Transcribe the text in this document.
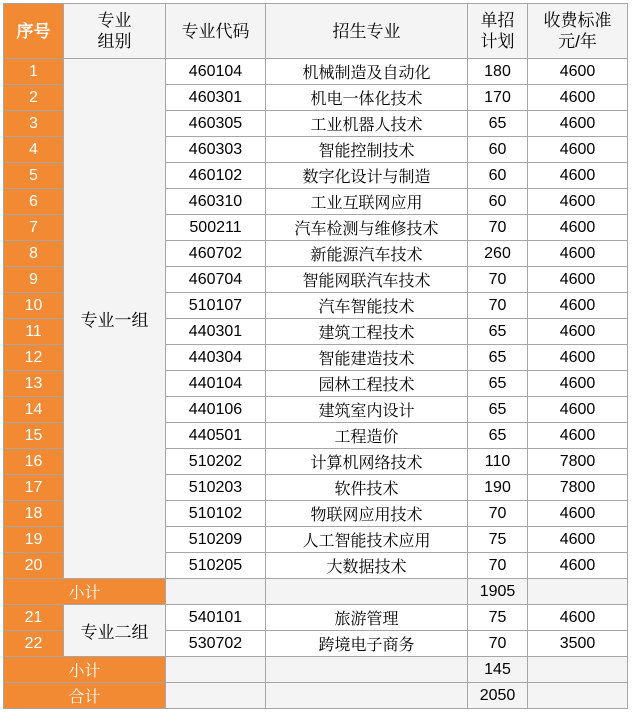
序号	专业组别	专业代码	招生专业	单招计划	收费标准元/年

1	专业一组	460104	机械制造及自动化	180	4600
2		460301	机电一体化技术	170	4600
3		460305	工业机器人技术	65	4600
4		460303	智能控制技术	60	4600
5		460102	数字化设计与制造	60	4600
6		460310	工业互联网应用	60	4600
7		500211	汽车检测与维修技术	70	4600
8		460702	新能源汽车技术	260	4600
9		460704	智能网联汽车技术	70	4600
10		510107	汽车智能技术	70	4600
11		440301	建筑工程技术	65	4600
12		440304	智能建造技术	65	4600
13		440104	园林工程技术	65	4600
14		440106	建筑室内设计	65	4600
15		440501	工程造价	65	4600
16		510202	计算机网络技术	110	7800
17		510203	软件技术	190	7800
18		510102	物联网应用技术	70	4600
19		510209	人工智能技术应用	75	4600
20		510205	大数据技术	70	4600
小计				1905	
21	专业二组	540101	旅游管理	75	4600
22		530702	跨境电子商务	70	3500
小计				145	
合计				2050	
